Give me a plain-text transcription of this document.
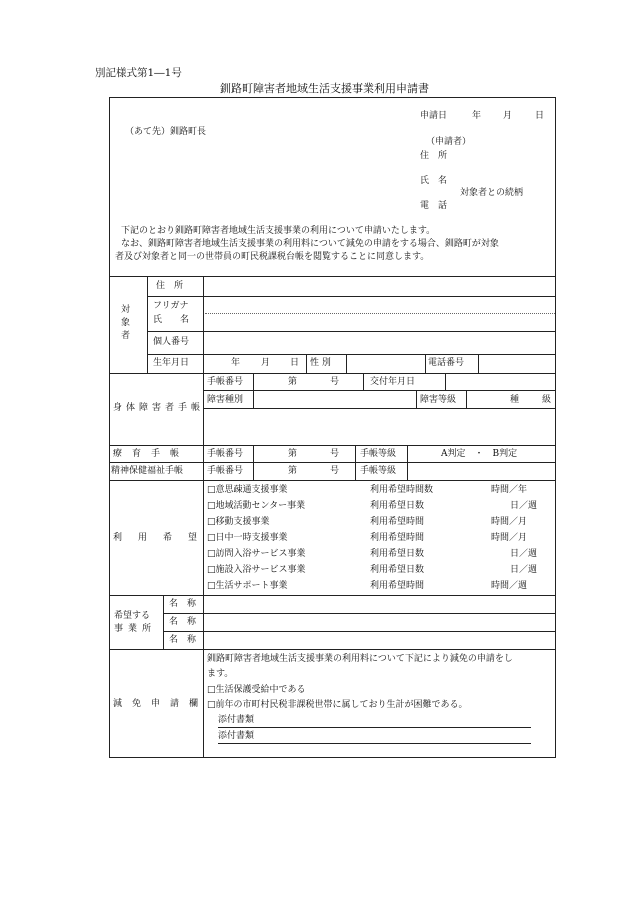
別記様式第1―1号
釧路町障害者地域生活支援事業利用申請書
申請日	年 月	日
（あて先）釧路町長
（申請者）
住　所
氏　名
対象者との続柄
電　話
下記のとおり釧路町障害者地域生活支援事業の利用について申請いたします。
なお、釧路町障害者地域生活支援事業の利用料について減免の申請をする場合、釧路町が対象
者及び対象者と同一の世帯員の町民税課税台帳を閲覧することに同意します。
対
象
者
住　所
フリガナ
氏　　名
個人番号
生年月日	年 月 日 性 別	電話番号
身体障害者手帳
手帳番号	第	号	交付年月日
障害種別	障害等級	種	級
療育手帳 手帳番号	第	号 手帳等級	A判定　・　B判定
精神保健福祉手帳	手帳番号	第	号 手帳等級
利用希望
□意思疎通支援事業	利用希望時間数	時間／年
□地域活動センター事業	利用希望日数	日／週
□移動支援事業	利用希望時間	時間／月
□日中一時支援事業	利用希望時間	時間／月
□訪問入浴サービス事業	利用希望日数	日／週
□施設入浴サービス事業	利用希望日数	日／週
□生活サポート事業	利用希望時間	時間／週
希望する
事業所
名　称
名　称
名　称
減免申請欄
釧路町障害者地域生活支援事業の利用料について下記により減免の申請をし
ます。
□生活保護受給中である
□前年の市町村民税非課税世帯に属しており生計が困難である。
添付書類
添付書類
